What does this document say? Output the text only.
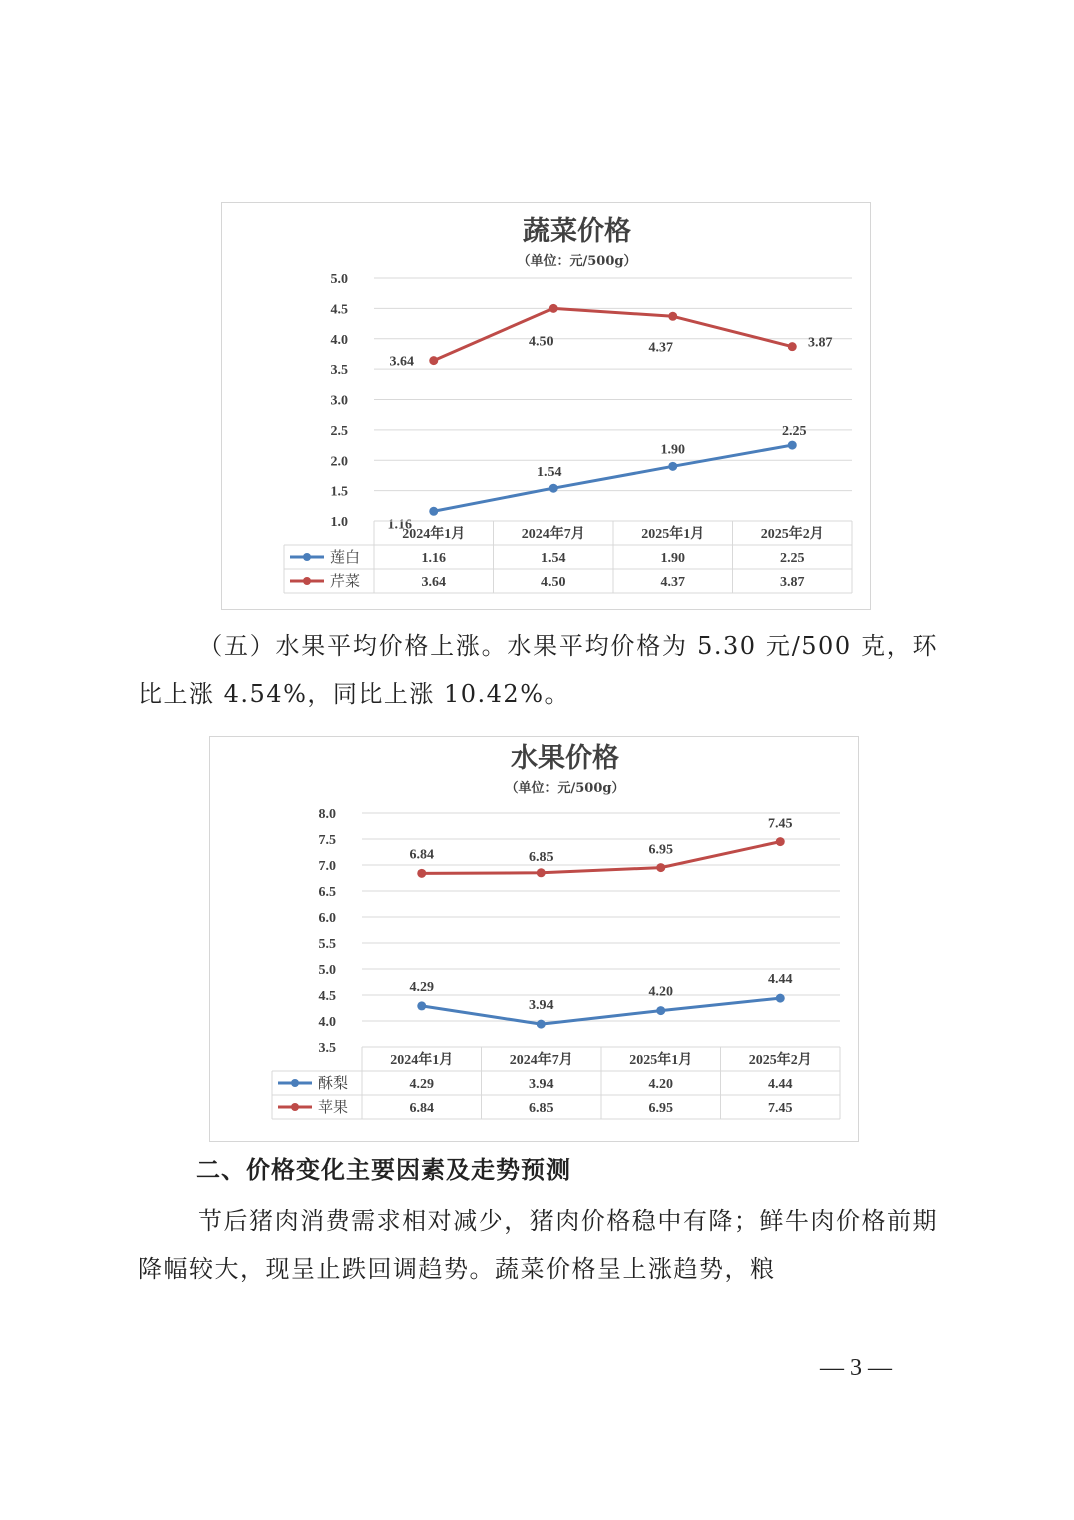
蔬菜价格
（单位：元/500g）
5.0
4.5
4.0
3.5
3.0
2.5
2.0
1.5
1.0	1.16
1.54
1.90
2.25
3.64
4.50	4.37	3.87
2024年1月	2024年7月	2025年1月	2025年2月
莲白	1.16	1.54	1.90	2.25
芹菜	3.64	4.50	4.37	3.87

（五）水果平均价格上涨。水果平均价格为 5.30 元/500 克，环比上涨 4.54%，同比上涨 10.42%。

水果价格
（单位：元/500g）
8.0
7.5
7.0
6.5
6.0
5.5
5.0
4.5
4.0
3.5
4.29
3.94
4.20
4.44
6.84	6.85	6.95
7.45
2024年1月	2024年7月	2025年1月	2025年2月
酥梨	4.29	3.94	4.20	4.44
苹果	6.84	6.85	6.95	7.45
二、价格变化主要因素及走势预测

节后猪肉消费需求相对减少，猪肉价格稳中有降；鲜牛肉价格前期降幅较大，现呈止跌回调趋势。蔬菜价格呈上涨趋势，粮

— 3 —
